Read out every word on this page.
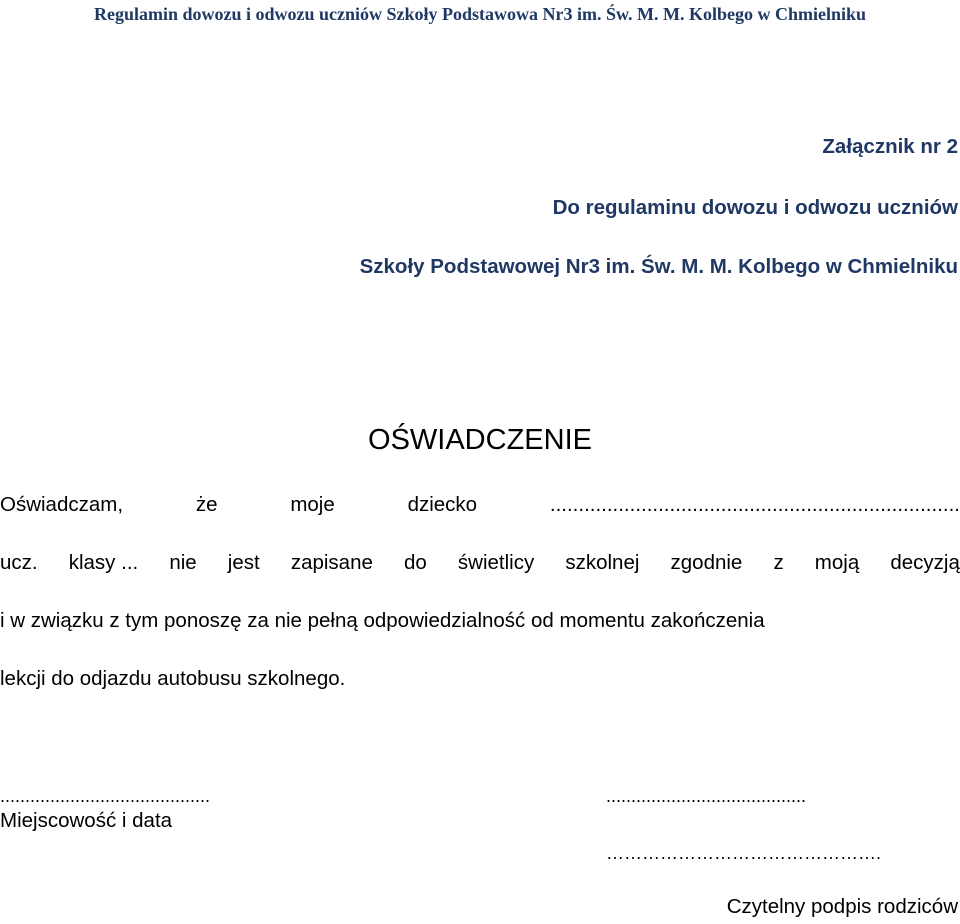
Regulamin dowozu i odwozu uczniów Szkoły Podstawowa Nr3 im. Św. M. M. Kolbego w Chmielniku
Załącznik nr 2
Do regulaminu dowozu i odwozu uczniów
Szkoły Podstawowej Nr3 im. Św. M. M. Kolbego w Chmielniku
OŚWIADCZENIE
Oświadczam,	że	moje	dziecko	........................................................................
ucz. klasy ... nie jest zapisane do świetlicy szkolnej zgodnie z moją decyzją
i w związku z tym ponoszę za nie pełną odpowiedzialność od momentu zakończenia
lekcji do odjazdu autobusu szkolnego.
..........................................
Miejscowość i data
........................................
……………………………………….
Czytelny podpis rodziców
